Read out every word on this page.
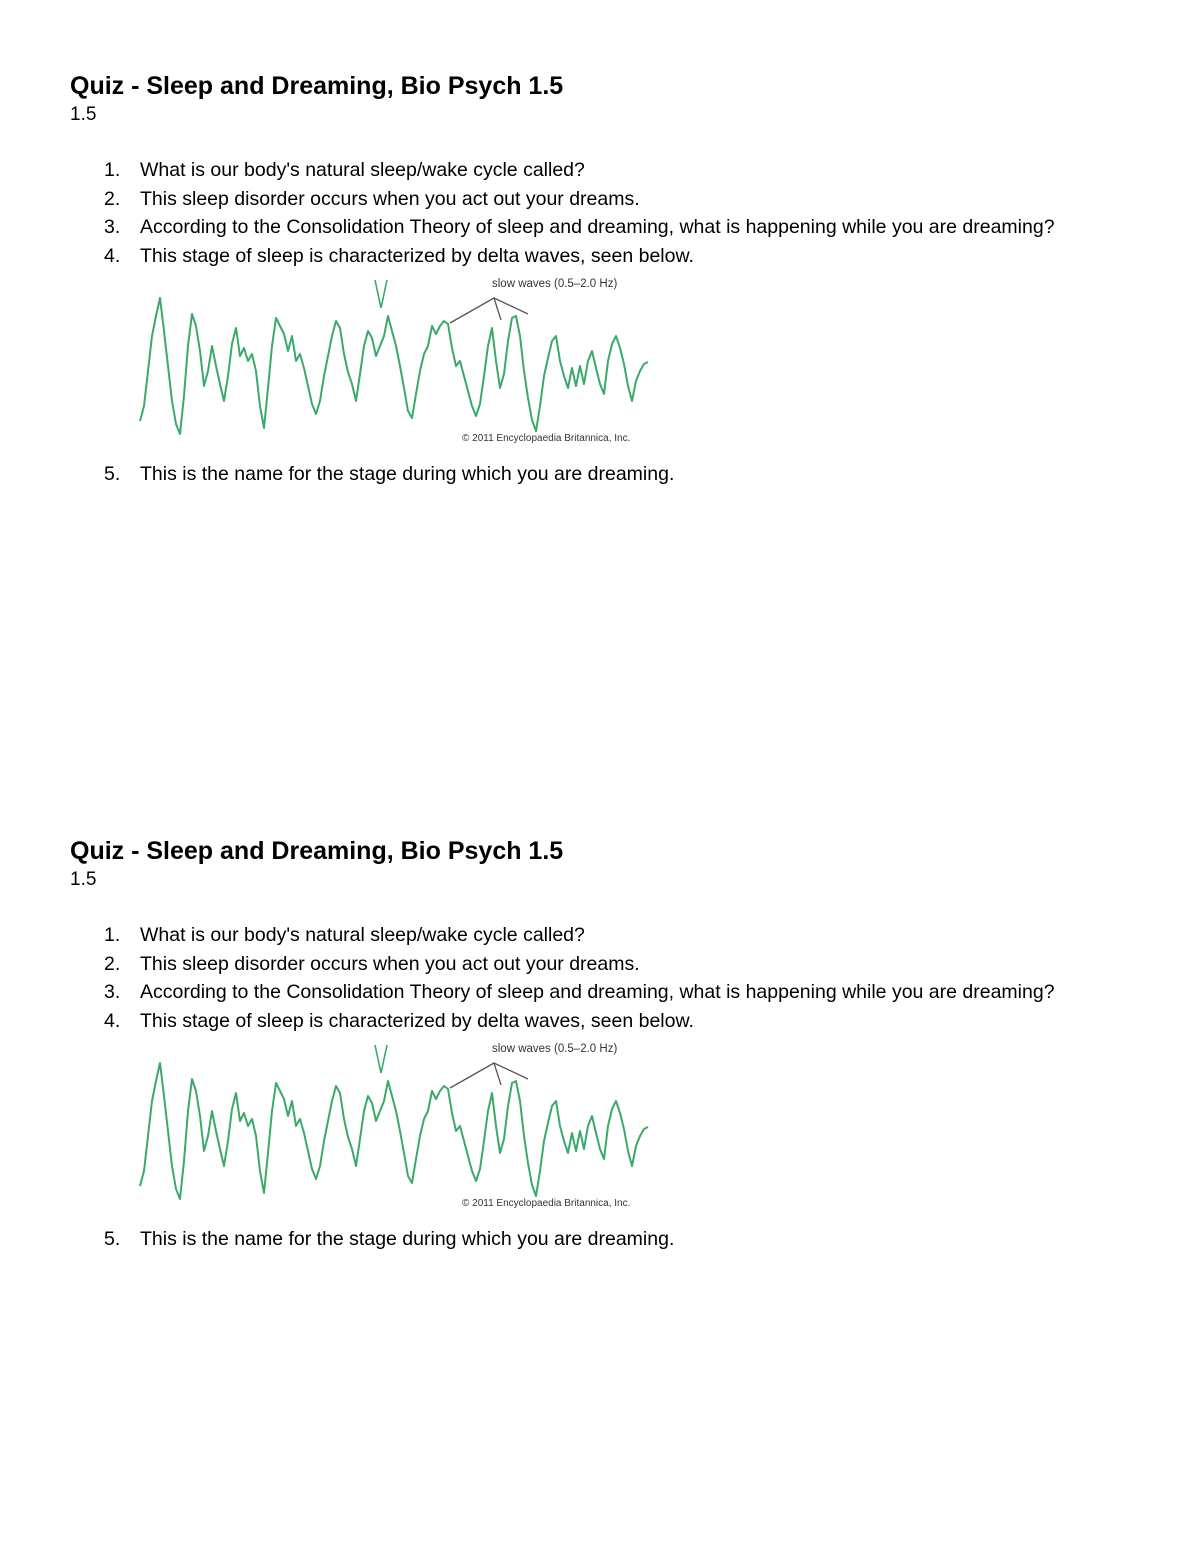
Quiz - Sleep and Dreaming, Bio Psych 1.5

1.5

1. What is our body's natural sleep/wake cycle called?
2. This sleep disorder occurs when you act out your dreams.
3. According to the Consolidation Theory of sleep and dreaming, what is happening while you are dreaming?
4. This stage of sleep is characterized by delta waves, seen below.
slow waves (0.5–2.0 Hz)
© 2011 Encyclopaedia Britannica, Inc.
5. This is the name for the stage during which you are dreaming.
Quiz - Sleep and Dreaming, Bio Psych 1.5

1.5

1. What is our body's natural sleep/wake cycle called?
2. This sleep disorder occurs when you act out your dreams.
3. According to the Consolidation Theory of sleep and dreaming, what is happening while you are dreaming?
4. This stage of sleep is characterized by delta waves, seen below.
slow waves (0.5–2.0 Hz)
© 2011 Encyclopaedia Britannica, Inc.
5. This is the name for the stage during which you are dreaming.
